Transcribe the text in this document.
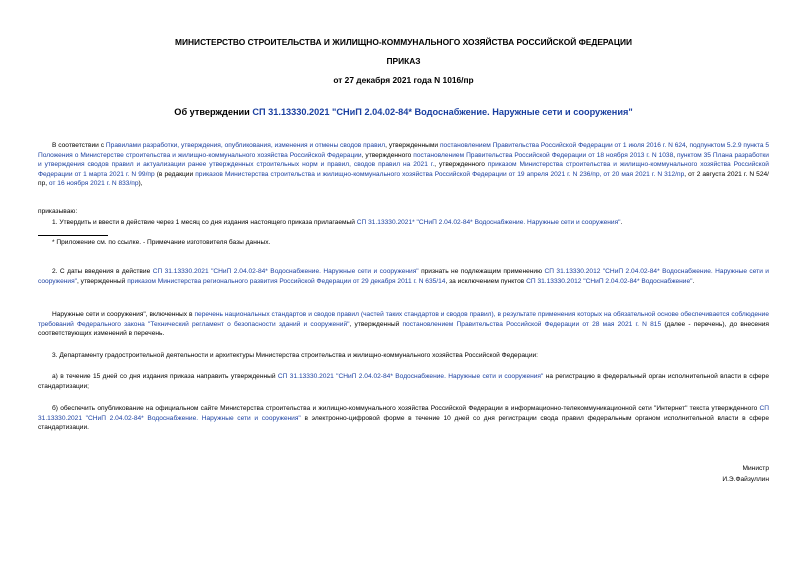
МИНИСТЕРСТВО СТРОИТЕЛЬСТВА И ЖИЛИЩНО-КОММУНАЛЬНОГО ХОЗЯЙСТВА РОССИЙСКОЙ ФЕДЕРАЦИИ
ПРИКАЗ
от 27 декабря 2021 года N 1016/пр
Об утверждении СП 31.13330.2021 "СНиП 2.04.02-84* Водоснабжение. Наружные сети и сооружения"
В соответствии с Правилами разработки, утверждения, опубликования, изменения и отмены сводов правил, утвержденными постановлением Правительства Российской Федерации от 1 июля 2016 г. N 624, подпунктом 5.2.9 пункта 5 Положения о Министерстве строительства и жилищно-коммунального хозяйства Российской Федерации, утвержденного постановлением Правительства Российской Федерации от 18 ноября 2013 г. N 1038, пунктом 35 Плана разработки и утверждения сводов правил и актуализации ранее утвержденных строительных норм и правил, сводов правил на 2021 г., утвержденного приказом Министерства строительства и жилищно-коммунального хозяйства Российской Федерации от 1 марта 2021 г. N 99/пр (в редакции приказов Министерства строительства и жилищно-коммунального хозяйства Российской Федерации от 19 апреля 2021 г. N 236/пр, от 20 мая 2021 г. N 312/пр, от 2 августа 2021 г. N 524/пр, от 16 ноября 2021 г. N 833/пр),
приказываю:
1. Утвердить и ввести в действие через 1 месяц со дня издания настоящего приказа прилагаемый СП 31.13330.2021* "СНиП 2.04.02-84* Водоснабжение. Наружные сети и сооружения".
* Приложение см. по ссылке. - Примечание изготовителя базы данных.
2. С даты введения в действие СП 31.13330.2021 "СНиП 2.04.02-84* Водоснабжение. Наружные сети и сооружения" признать не подлежащим применению СП 31.13330.2012 "СНиП 2.04.02-84* Водоснабжение. Наружные сети и сооружения", утвержденный приказом Министерства регионального развития Российской Федерации от 29 декабря 2011 г. N 635/14, за исключением пунктов СП 31.13330.2012 "СНиП 2.04.02-84* Водоснабжение".
Наружные сети и сооружения", включенных в перечень национальных стандартов и сводов правил (частей таких стандартов и сводов правил), в результате применения которых на обязательной основе обеспечивается соблюдение требований Федерального закона "Технический регламент о безопасности зданий и сооружений", утвержденный постановлением Правительства Российской Федерации от 28 мая 2021 г. N 815 (далее - перечень), до внесения соответствующих изменений в перечень.
3. Департаменту градостроительной деятельности и архитектуры Министерства строительства и жилищно-коммунального хозяйства Российской Федерации:
а) в течение 15 дней со дня издания приказа направить утвержденный СП 31.13330.2021 "СНиП 2.04.02-84* Водоснабжение. Наружные сети и сооружения" на регистрацию в федеральный орган исполнительной власти в сфере стандартизации;
б) обеспечить опубликование на официальном сайте Министерства строительства и жилищно-коммунального хозяйства Российской Федерации в информационно-телекоммуникационной сети "Интернет" текста утвержденного СП 31.13330.2021 "СНиП 2.04.02-84* Водоснабжение. Наружные сети и сооружения" в электронно-цифровой форме в течение 10 дней со дня регистрации свода правил федеральным органом исполнительной власти в сфере стандартизации.
Министр
И.Э.Файзуллин
